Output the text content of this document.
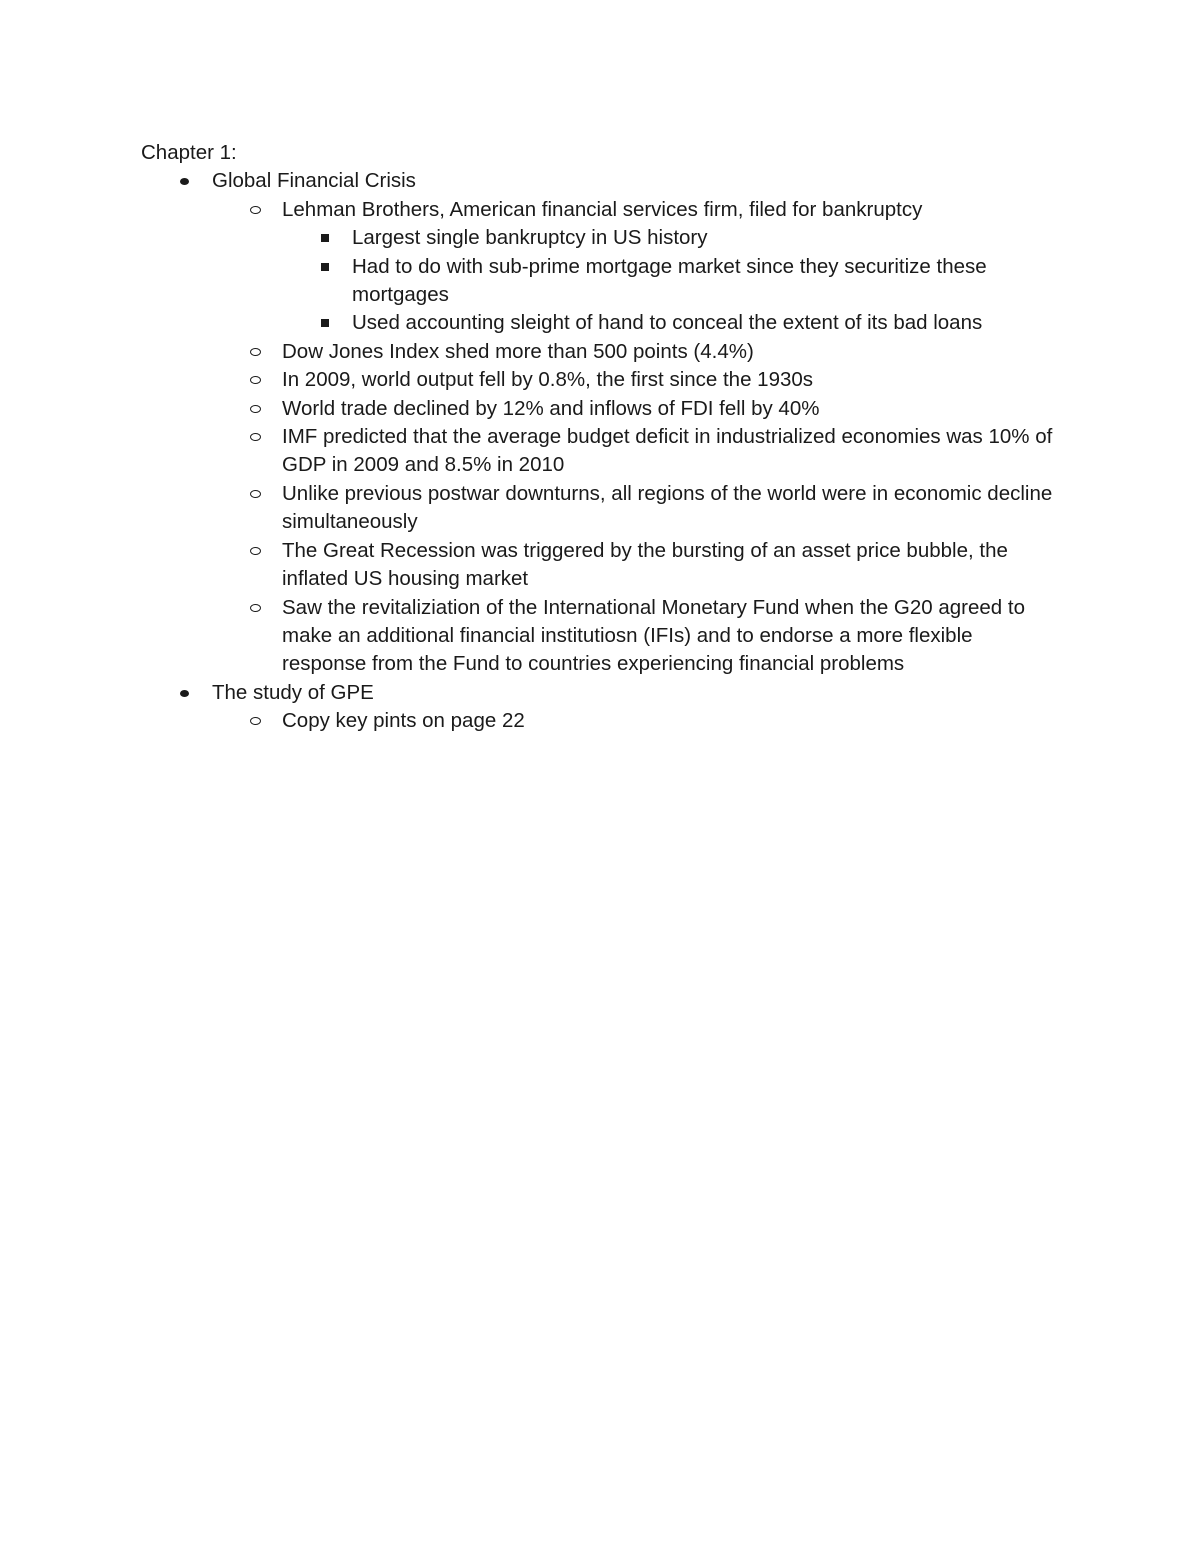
Chapter 1:

Global Financial Crisis
Lehman Brothers, American financial services firm, filed for bankruptcy
Largest single bankruptcy in US history
Had to do with sub-prime mortgage market since they securitize these mortgages
Used accounting sleight of hand to conceal the extent of its bad loans
Dow Jones Index shed more than 500 points (4.4%)
In 2009, world output fell by 0.8%, the first since the 1930s
World trade declined by 12% and inflows of FDI fell by 40%
IMF predicted that the average budget deficit in industrialized economies was 10% of GDP in 2009 and 8.5% in 2010
Unlike previous postwar downturns, all regions of the world were in economic decline simultaneously
The Great Recession was triggered by the bursting of an asset price bubble, the inflated US housing market
Saw the revitaliziation of the International Monetary Fund when the G20 agreed to make an additional financial institutiosn (IFIs) and to endorse a more flexible response from the Fund to countries experiencing financial problems
The study of GPE
Copy key pints on page 22
